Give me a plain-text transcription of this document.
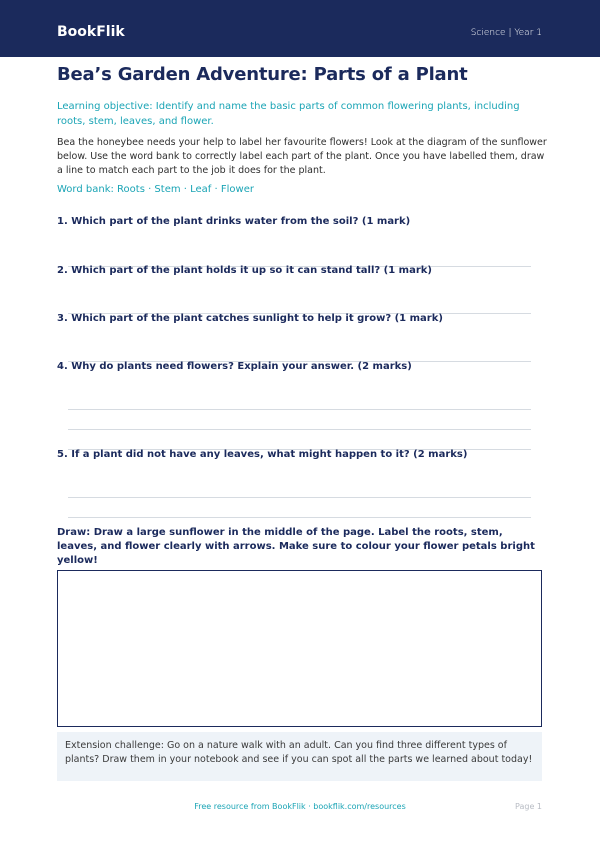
BookFlik	Science | Year 1
Bea’s Garden Adventure: Parts of a Plant

Learning objective: Identify and name the basic parts of common flowering plants, including roots, stem, leaves, and flower.

Bea the honeybee needs your help to label her favourite flowers! Look at the diagram of the sunflower below. Use the word bank to correctly label each part of the plant. Once you have labelled them, draw a line to match each part to the job it does for the plant.

Word bank: Roots · Stem · Leaf · Flower

1. Which part of the plant drinks water from the soil? (1 mark)

2. Which part of the plant holds it up so it can stand tall? (1 mark)

3. Which part of the plant catches sunlight to help it grow? (1 mark)

4. Why do plants need flowers? Explain your answer. (2 marks)

5. If a plant did not have any leaves, what might happen to it? (2 marks)

Draw: Draw a large sunflower in the middle of the page. Label the roots, stem, leaves, and flower clearly with arrows. Make sure to colour your flower petals bright yellow!

Extension challenge: Go on a nature walk with an adult. Can you find three different types of plants? Draw them in your notebook and see if you can spot all the parts we learned about today!
Free resource from BookFlik · bookflik.com/resources	Page 1
